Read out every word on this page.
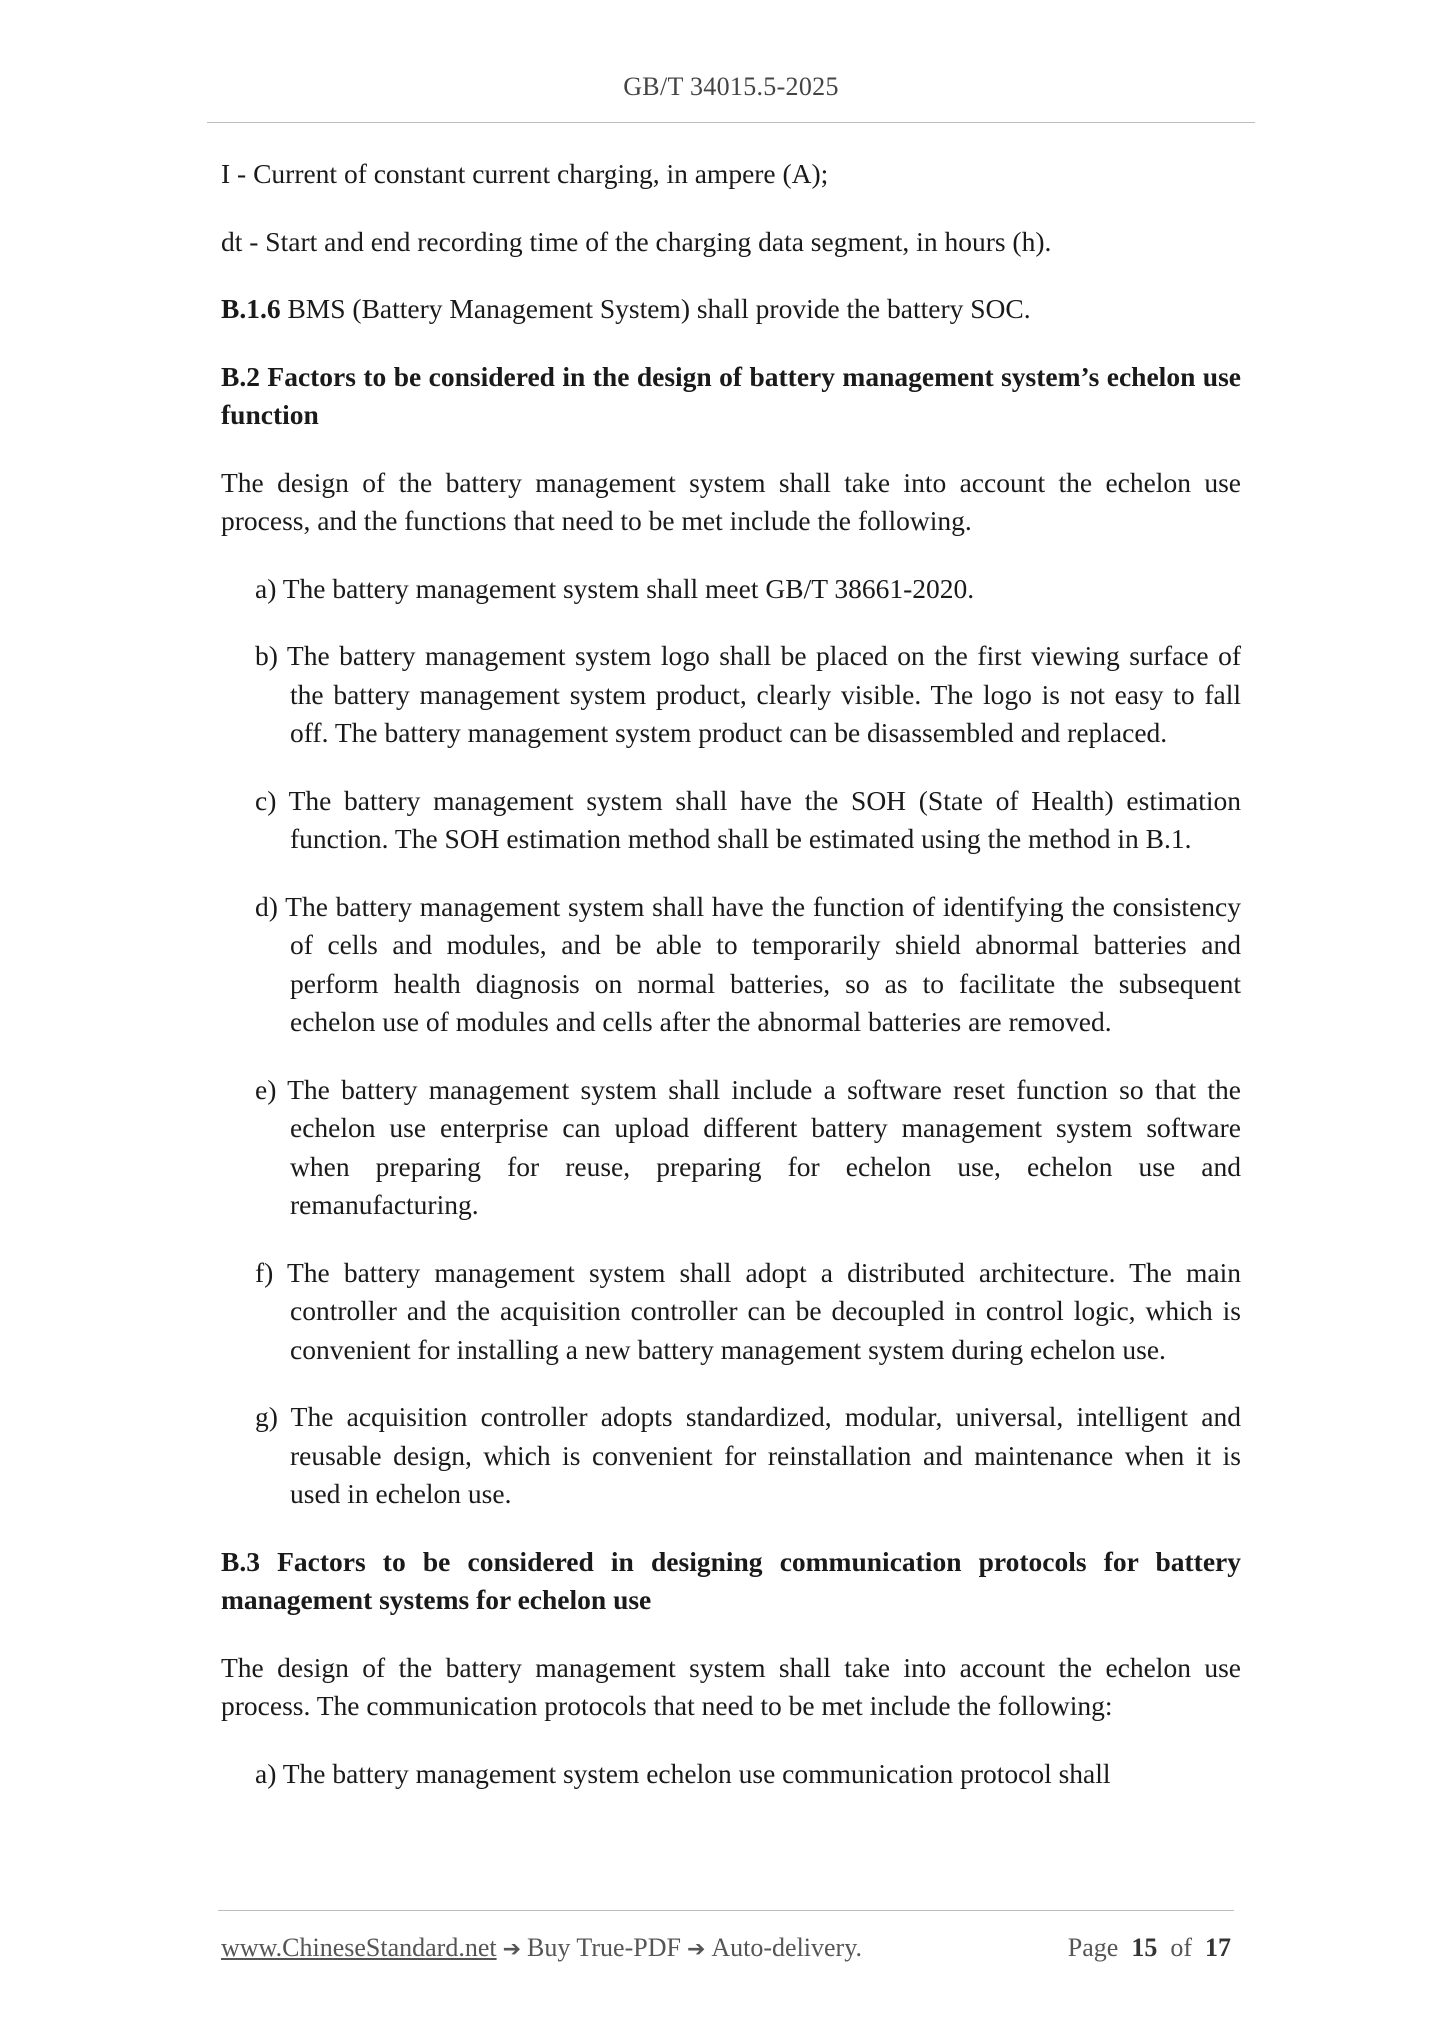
GB/T 34015.5-2025

I - Current of constant current charging, in ampere (A);

dt - Start and end recording time of the charging data segment, in hours (h).

B.1.6 BMS (Battery Management System) shall provide the battery SOC.

B.2 Factors to be considered in the design of battery management system’s echelon use function

The design of the battery management system shall take into account the echelon use process, and the functions that need to be met include the following.

a) The battery management system shall meet GB/T 38661-2020.

b) The battery management system logo shall be placed on the first viewing surface of the battery management system product, clearly visible. The logo is not easy to fall off. The battery management system product can be disassembled and replaced.

c) The battery management system shall have the SOH (State of Health) estimation function. The SOH estimation method shall be estimated using the method in B.1.

d) The battery management system shall have the function of identifying the consistency of cells and modules, and be able to temporarily shield abnormal batteries and perform health diagnosis on normal batteries, so as to facilitate the subsequent echelon use of modules and cells after the abnormal batteries are removed.

e) The battery management system shall include a software reset function so that the echelon use enterprise can upload different battery management system software when preparing for reuse, preparing for echelon use, echelon use and remanufacturing.

f) The battery management system shall adopt a distributed architecture. The main controller and the acquisition controller can be decoupled in control logic, which is convenient for installing a new battery management system during echelon use.

g) The acquisition controller adopts standardized, modular, universal, intelligent and reusable design, which is convenient for reinstallation and maintenance when it is used in echelon use.

B.3 Factors to be considered in designing communication protocols for battery management systems for echelon use

The design of the battery management system shall take into account the echelon use process. The communication protocols that need to be met include the following:

a) The battery management system echelon use communication protocol shall

www.ChineseStandard.net ➔ Buy True-PDF ➔ Auto-delivery.	Page 15 of 17
